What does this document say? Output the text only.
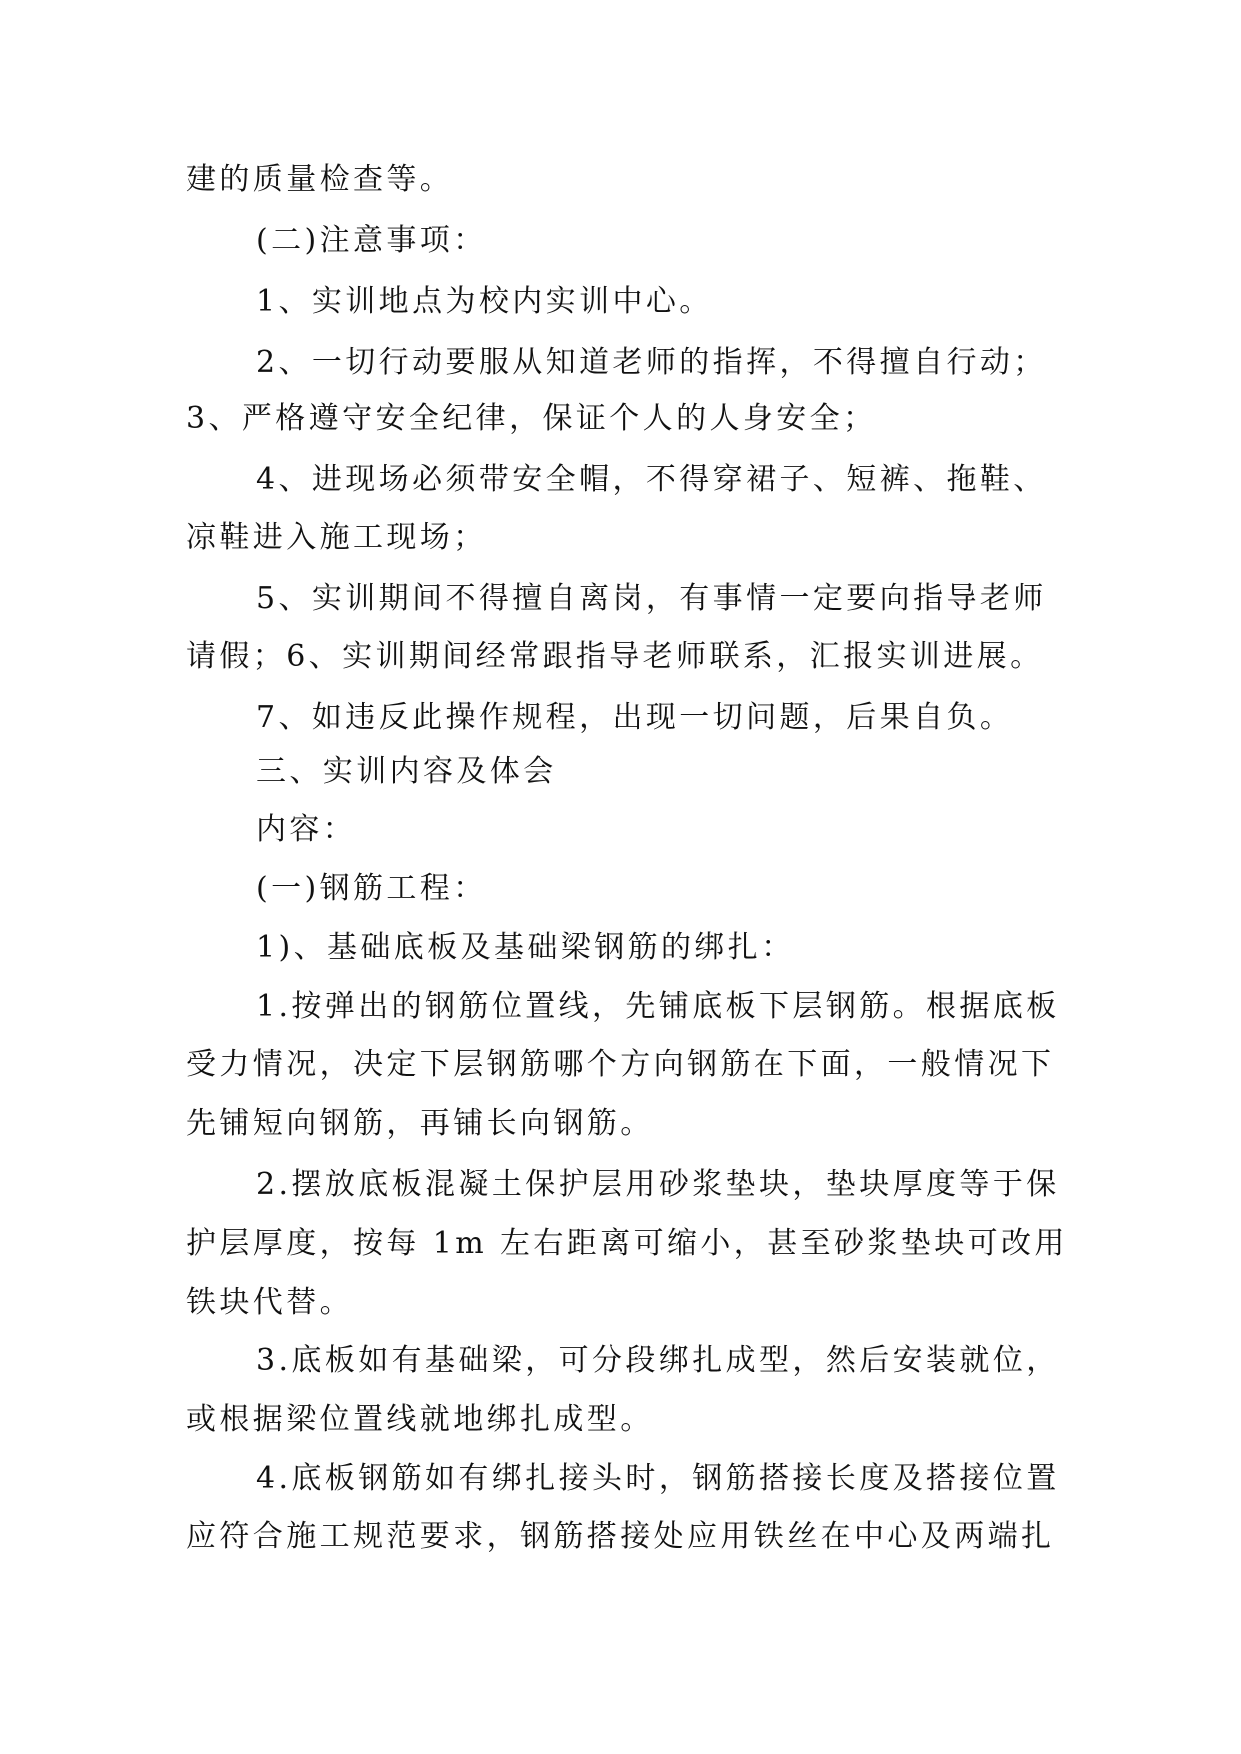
建的质量检查等。
(二)注意事项：
1、实训地点为校内实训中心。
2、一切行动要服从知道老师的指挥，不得擅自行动；
3、严格遵守安全纪律，保证个人的人身安全；
4、进现场必须带安全帽，不得穿裙子、短裤、拖鞋、
凉鞋进入施工现场；
5、实训期间不得擅自离岗，有事情一定要向指导老师
请假；6、实训期间经常跟指导老师联系，汇报实训进展。
7、如违反此操作规程，出现一切问题，后果自负。
三、实训内容及体会
内容：
(一)钢筋工程：
1)、基础底板及基础梁钢筋的绑扎：
1.按弹出的钢筋位置线，先铺底板下层钢筋。根据底板
受力情况，决定下层钢筋哪个方向钢筋在下面，一般情况下
先铺短向钢筋，再铺长向钢筋。
2.摆放底板混凝土保护层用砂浆垫块，垫块厚度等于保
护层厚度，按每 1m 左右距离可缩小，甚至砂浆垫块可改用
铁块代替。
3.底板如有基础梁，可分段绑扎成型，然后安装就位，
或根据梁位置线就地绑扎成型。
4.底板钢筋如有绑扎接头时，钢筋搭接长度及搭接位置
应符合施工规范要求，钢筋搭接处应用铁丝在中心及两端扎
